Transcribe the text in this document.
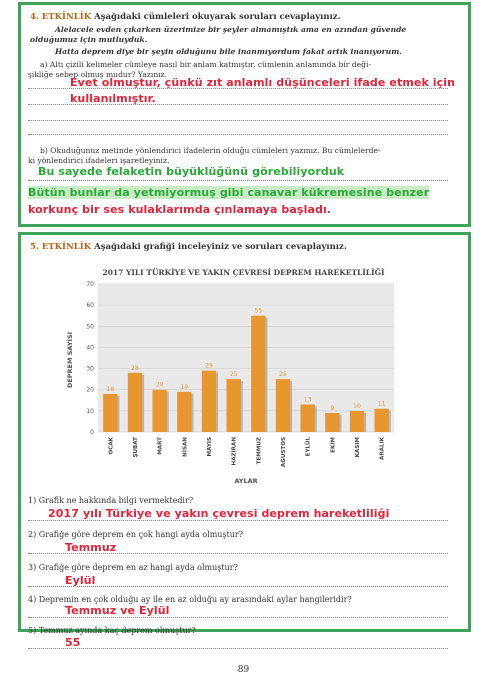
4. ETKİNLİK Aşağıdaki cümleleri okuyarak soruları cevaplayınız.
Alelacele evden çıkarken üzerimize bir şeyler almamıştık ama en azından güvende
olduğumuz için mutluyduk.
Hatta deprem diye bir şeyin olduğunu bile inanmıyordum fakat artık inanıyorum.
a) Altı çizili kelimeler cümleye nasıl bir anlam katmıştır, cümlenin anlamında bir deği-
şikliğe sebep olmuş mudur? Yazınız.
Evet olmuştur, çünkü zıt anlamlı düşünceleri ifade etmek için
kullanılmıştır.
b) Okuduğunuz metinde yönlendirici ifadelerin olduğu cümleleri yazınız. Bu cümlelerde-
ki yönlendirici ifadeleri işaretleyiniz.
Bu sayede felaketin büyüklüğünü görebiliyorduk
Bütün bunlar da yetmiyormuş gibi canavar kükremesine benzer
korkunç bir ses kulaklarımda çınlamaya başladı.
5. ETKİNLİK Aşağıdaki grafiği inceleyiniz ve soruları cevaplayınız.
2017 YILI TÜRKİYE VE YAKIN ÇEVRESİ DEPREM HAREKETLİLİĞİ
0
10
20
30
40
50
60
70
18
OCAK
28
ŞUBAT
20
MART
19
NİSAN
29
MAYIS
25
HAZİRAN
55
TEMMUZ
25
AĞUSTOS
13
EYLÜL
9
EKİM
10
KASIM
11
ARALIK
DEPREM SAYISI
AYLAR
1) Grafik ne hakkında bilgi vermektedir?
2017 yılı Türkiye ve yakın çevresi deprem hareketliliği
2) Grafiğe göre deprem en çok hangi ayda olmuştur?
Temmuz
3) Grafiğe göre deprem en az hangi ayda olmuştur?
Eylül
4) Depremin en çok olduğu ay ile en az olduğu ay arasındaki aylar hangileridir?
Temmuz ve Eylül
5) Temmuz ayında kaç deprem olmuştur?
55
89
